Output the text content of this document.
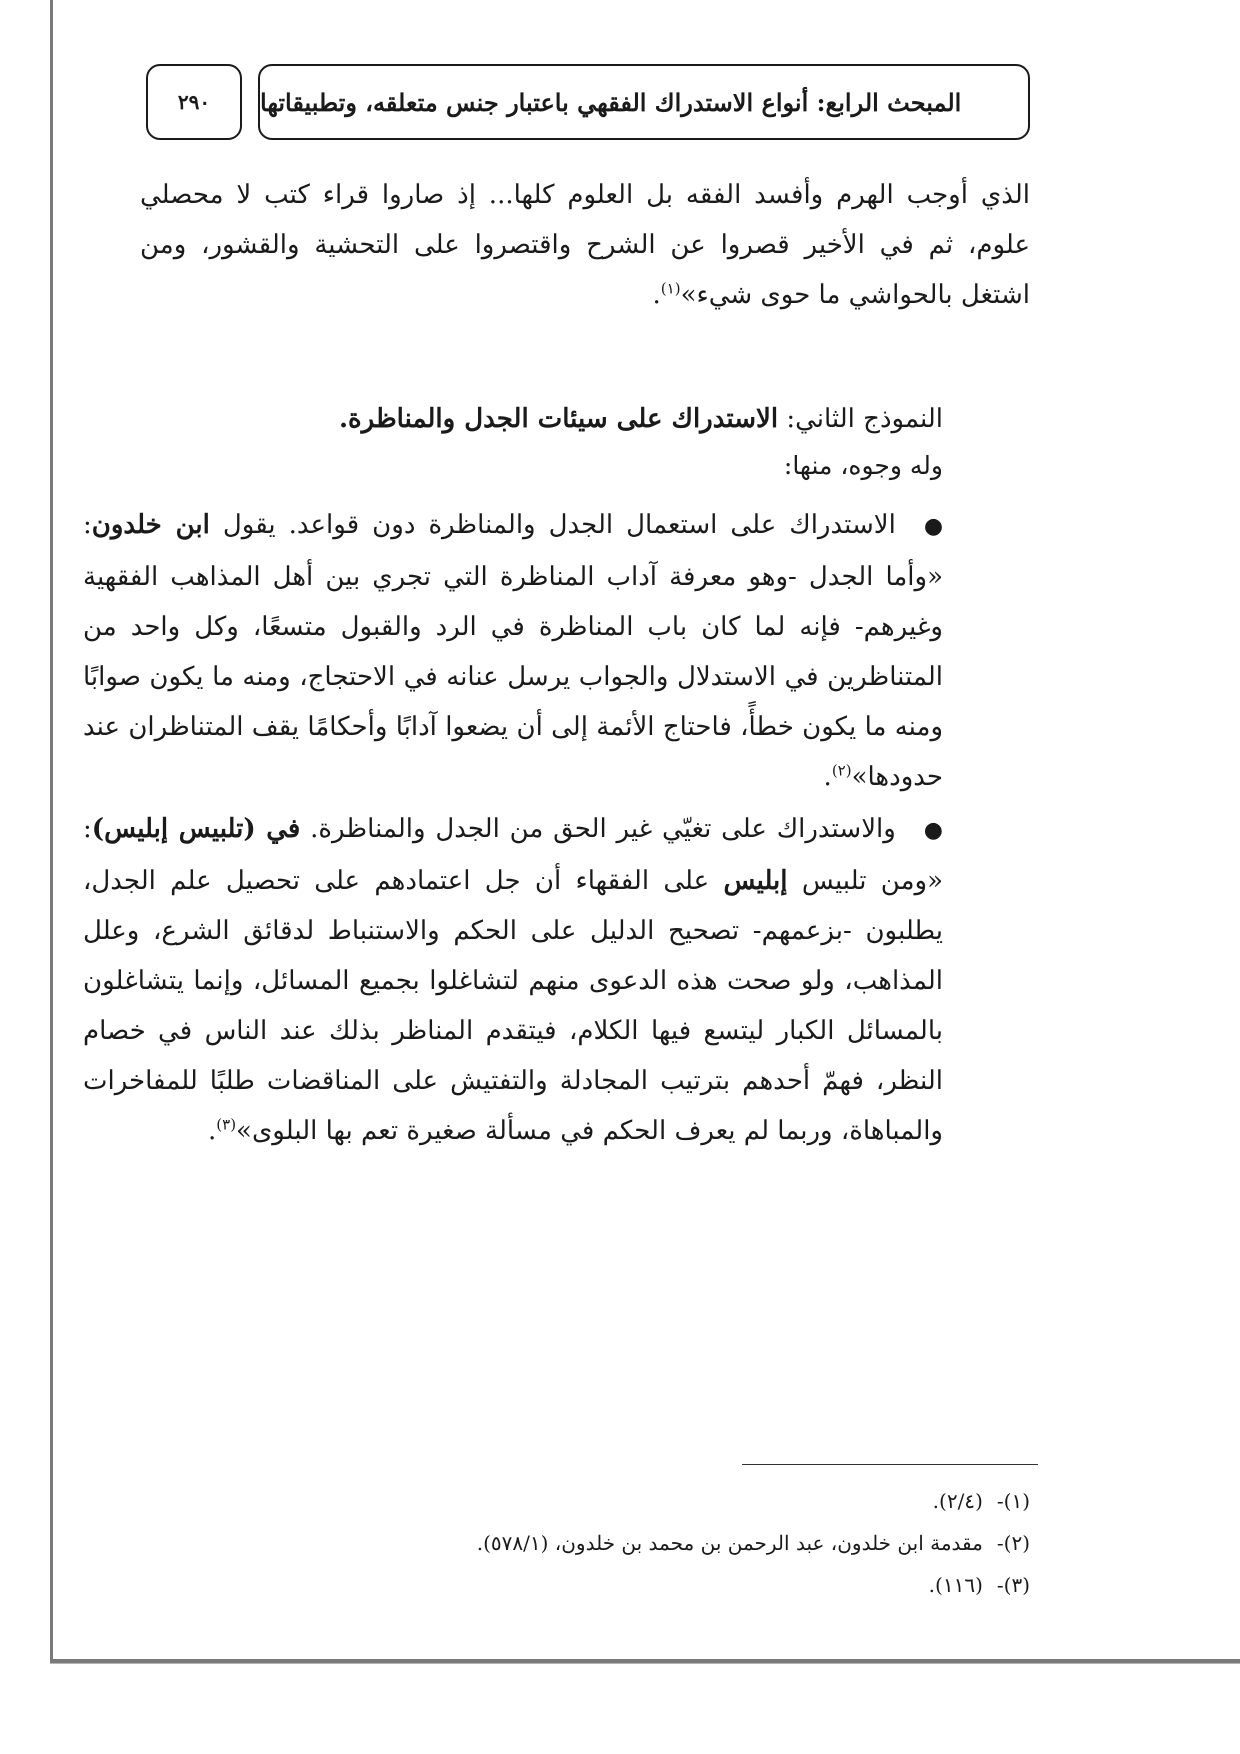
المبحث الرابع: أنواع الاستدراك الفقهي باعتبار جنس متعلقه، وتطبيقاتها
٢٩٠
الذي أوجب الهرم وأفسد الفقه بل العلوم كلها... إذ صاروا قراء كتب لا محصلي علوم، ثم في الأخير قصروا عن الشرح واقتصروا على التحشية والقشور، ومن اشتغل بالحواشي ما حوى شيء»$^{(١)}$.
النموذج الثاني: الاستدراك على سيئات الجدل والمناظرة.
وله وجوه، منها:

●الاستدراك على استعمال الجدل والمناظرة دون قواعد. يقول ابن خلدون: «وأما الجدل -وهو معرفة آداب المناظرة التي تجري بين أهل المذاهب الفقهية وغيرهم- فإنه لما كان باب المناظرة في الرد والقبول متسعًا، وكل واحد من المتناظرين في الاستدلال والجواب يرسل عنانه في الاحتجاج، ومنه ما يكون صوابًا ومنه ما يكون خطأً، فاحتاج الأئمة إلى أن يضعوا آدابًا وأحكامًا يقف المتناظران عند حدودها»$^{(٢)}$.

●والاستدراك على تغيّي غير الحق من الجدل والمناظرة. في (تلبيس إبليس): «ومن تلبيس إبليس على الفقهاء أن جل اعتمادهم على تحصيل علم الجدل، يطلبون -بزعمهم- تصحيح الدليل على الحكم والاستنباط لدقائق الشرع، وعلل المذاهب، ولو صحت هذه الدعوى منهم لتشاغلوا بجميع المسائل، وإنما يتشاغلون بالمسائل الكبار ليتسع فيها الكلام، فيتقدم المناظر بذلك عند الناس في خصام النظر، فهمّ أحدهم بترتيب المجادلة والتفتيش على المناقضات طلبًا للمفاخرات والمباهاة، وربما لم يعرف الحكم في مسألة صغيرة تعم بها البلوى»$^{(٣)}$.

(١)-(٢/٤).
(٢)-مقدمة ابن خلدون، عبد الرحمن بن محمد بن خلدون، (٥٧٨/١).
(٣)-(١١٦).
